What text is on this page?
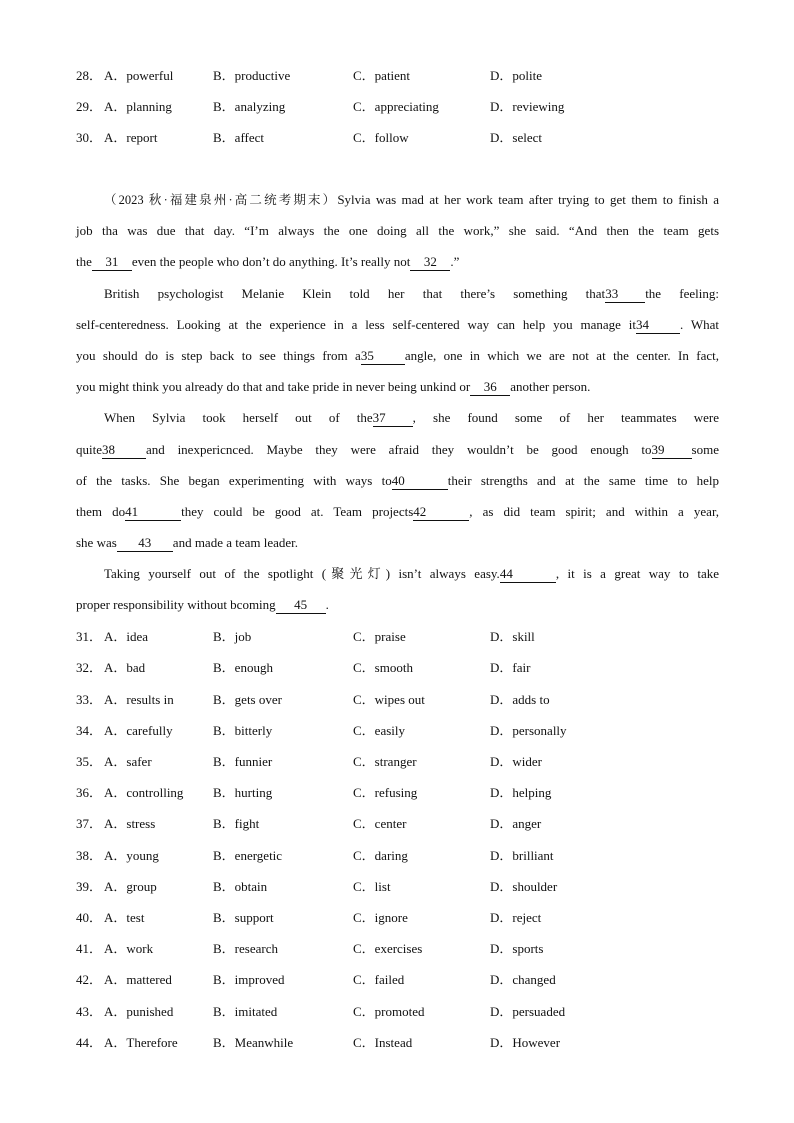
28． A．powerful	B．productive	C．patient	D．polite
29． A．planning	B．analyzing	C．appreciating	D．reviewing
30． A．report	B．affect	C．follow	D．select
（2023 秋·福建泉州·高二统考期末）Sylvia was mad at her work team after trying to get them to finish a
job tha was due that day. “I’m always the one doing all the work,” she said. “And then the team gets
the 31 even the people who don’t do anything. It’s really not 32 .”
British psychologist Melanie Klein told her that there’s something that33 the feeling:
self-centeredness. Looking at the experience in a less self-centered way can help you manage it34 . What
you should do is step back to see things from a35 angle, one in which we are not at the center. In fact,
you might think you already do that and take pride in never being unkind or 36 another person.
When Sylvia took herself out of the37 , she found some of her teammates were
quite38 and inexpericnced. Maybe they were afraid they wouldn’t be good enough to39 some
of the tasks. She began experimenting with ways to40	their strengths and at the same time to help
them do41	they could be good at. Team projects42	, as did team spirit; and within a year,
she was 43 and made a team leader.
Taking yourself out of the spotlight (聚光灯) isn’t always easy.44	, it is a great way to take
proper responsibility without bcoming 45 .
31． A．idea	B．job	C．praise	D．skill
32． A．bad	B．enough	C．smooth	D．fair
33． A．results in	B．gets over	C．wipes out	D．adds to
34． A．carefully	B．bitterly	C．easily	D．personally
35． A．safer	B．funnier	C．stranger	D．wider
36． A．controlling B．hurting	C．refusing	D．helping
37． A．stress	B．fight	C．center	D．anger
38． A．young	B．energetic	C．daring	D．brilliant
39． A．group	B．obtain	C．list	D．shoulder
40． A．test	B．support	C．ignore	D．reject
41． A．work	B．research	C．exercises	D．sports
42． A．mattered	B．improved	C．failed	D．changed
43． A．punished	B．imitated	C．promoted	D．persuaded
44． A．Therefore	B．Meanwhile	C．Instead	D．However
